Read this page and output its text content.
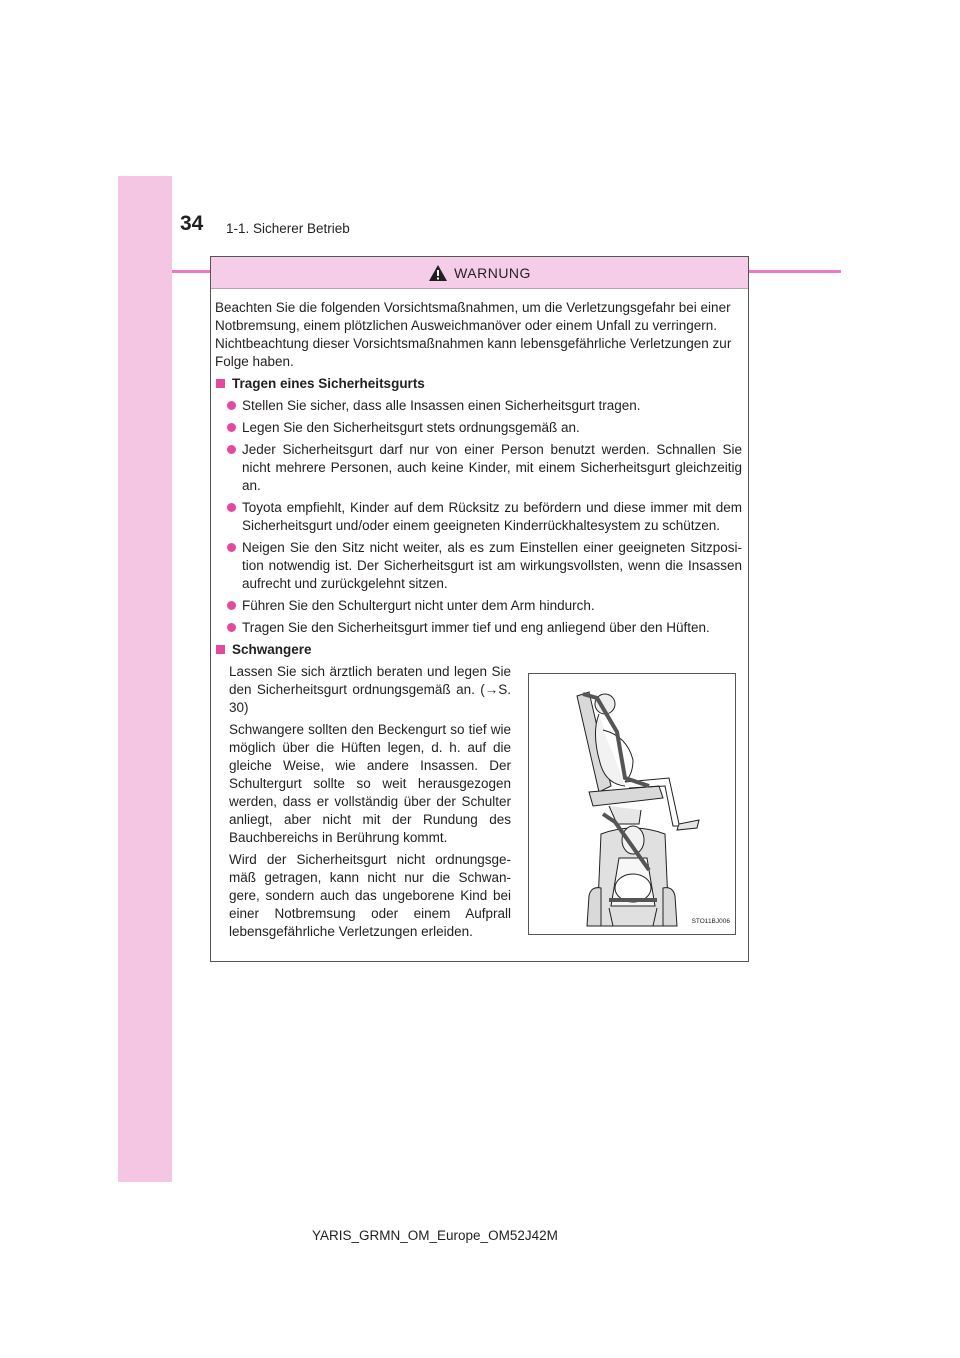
34 1-1. Sicherer Betrieb
WARNUNG

Beachten Sie die folgenden Vorsichtsmaßnahmen, um die Verletzungsgefahr bei einer Notbremsung, einem plötzlichen Ausweichmanöver oder einem Unfall zu verringern. Nichtbeachtung dieser Vorsichtsmaßnahmen kann lebensgefährliche Verletzungen zur Folge haben.

Tragen eines Sicherheitsgurts
Stellen Sie sicher, dass alle Insassen einen Sicherheitsgurt tragen.
Legen Sie den Sicherheitsgurt stets ordnungsgemäß an.
Jeder Sicherheitsgurt darf nur von einer Person benutzt werden. Schnallen Sie nicht mehrere Personen, auch keine Kinder, mit einem Sicherheitsgurt gleichzeitig an.
Toyota empfiehlt, Kinder auf dem Rücksitz zu befördern und diese immer mit dem Sicherheitsgurt und/oder einem geeigneten Kinderrückhaltesystem zu schützen.
Neigen Sie den Sitz nicht weiter, als es zum Einstellen einer geeigneten Sitzposi-tion notwendig ist. Der Sicherheitsgurt ist am wirkungsvollsten, wenn die Insassen aufrecht und zurückgelehnt sitzen.
Führen Sie den Schultergurt nicht unter dem Arm hindurch.
Tragen Sie den Sicherheitsgurt immer tief und eng anliegend über den Hüften.
Schwangere

Lassen Sie sich ärztlich beraten und legen Sie den Sicherheitsgurt ordnungsgemäß an. (→S. 30)

Schwangere sollten den Beckengurt so tief wie möglich über die Hüften legen, d. h. auf die gleiche Weise, wie andere Insassen. Der Schultergurt sollte so weit herausgezogen werden, dass er vollständig über der Schulter anliegt, aber nicht mit der Rundung des Bauchbereichs in Berührung kommt.

Wird der Sicherheitsgurt nicht ordnungsge-mäß getragen, kann nicht nur die Schwan-gere, sondern auch das ungeborene Kind bei einer Notbremsung oder einem Aufprall lebensgefährliche Verletzungen erleiden.

STO11BJ006
YARIS_GRMN_OM_Europe_OM52J42M
